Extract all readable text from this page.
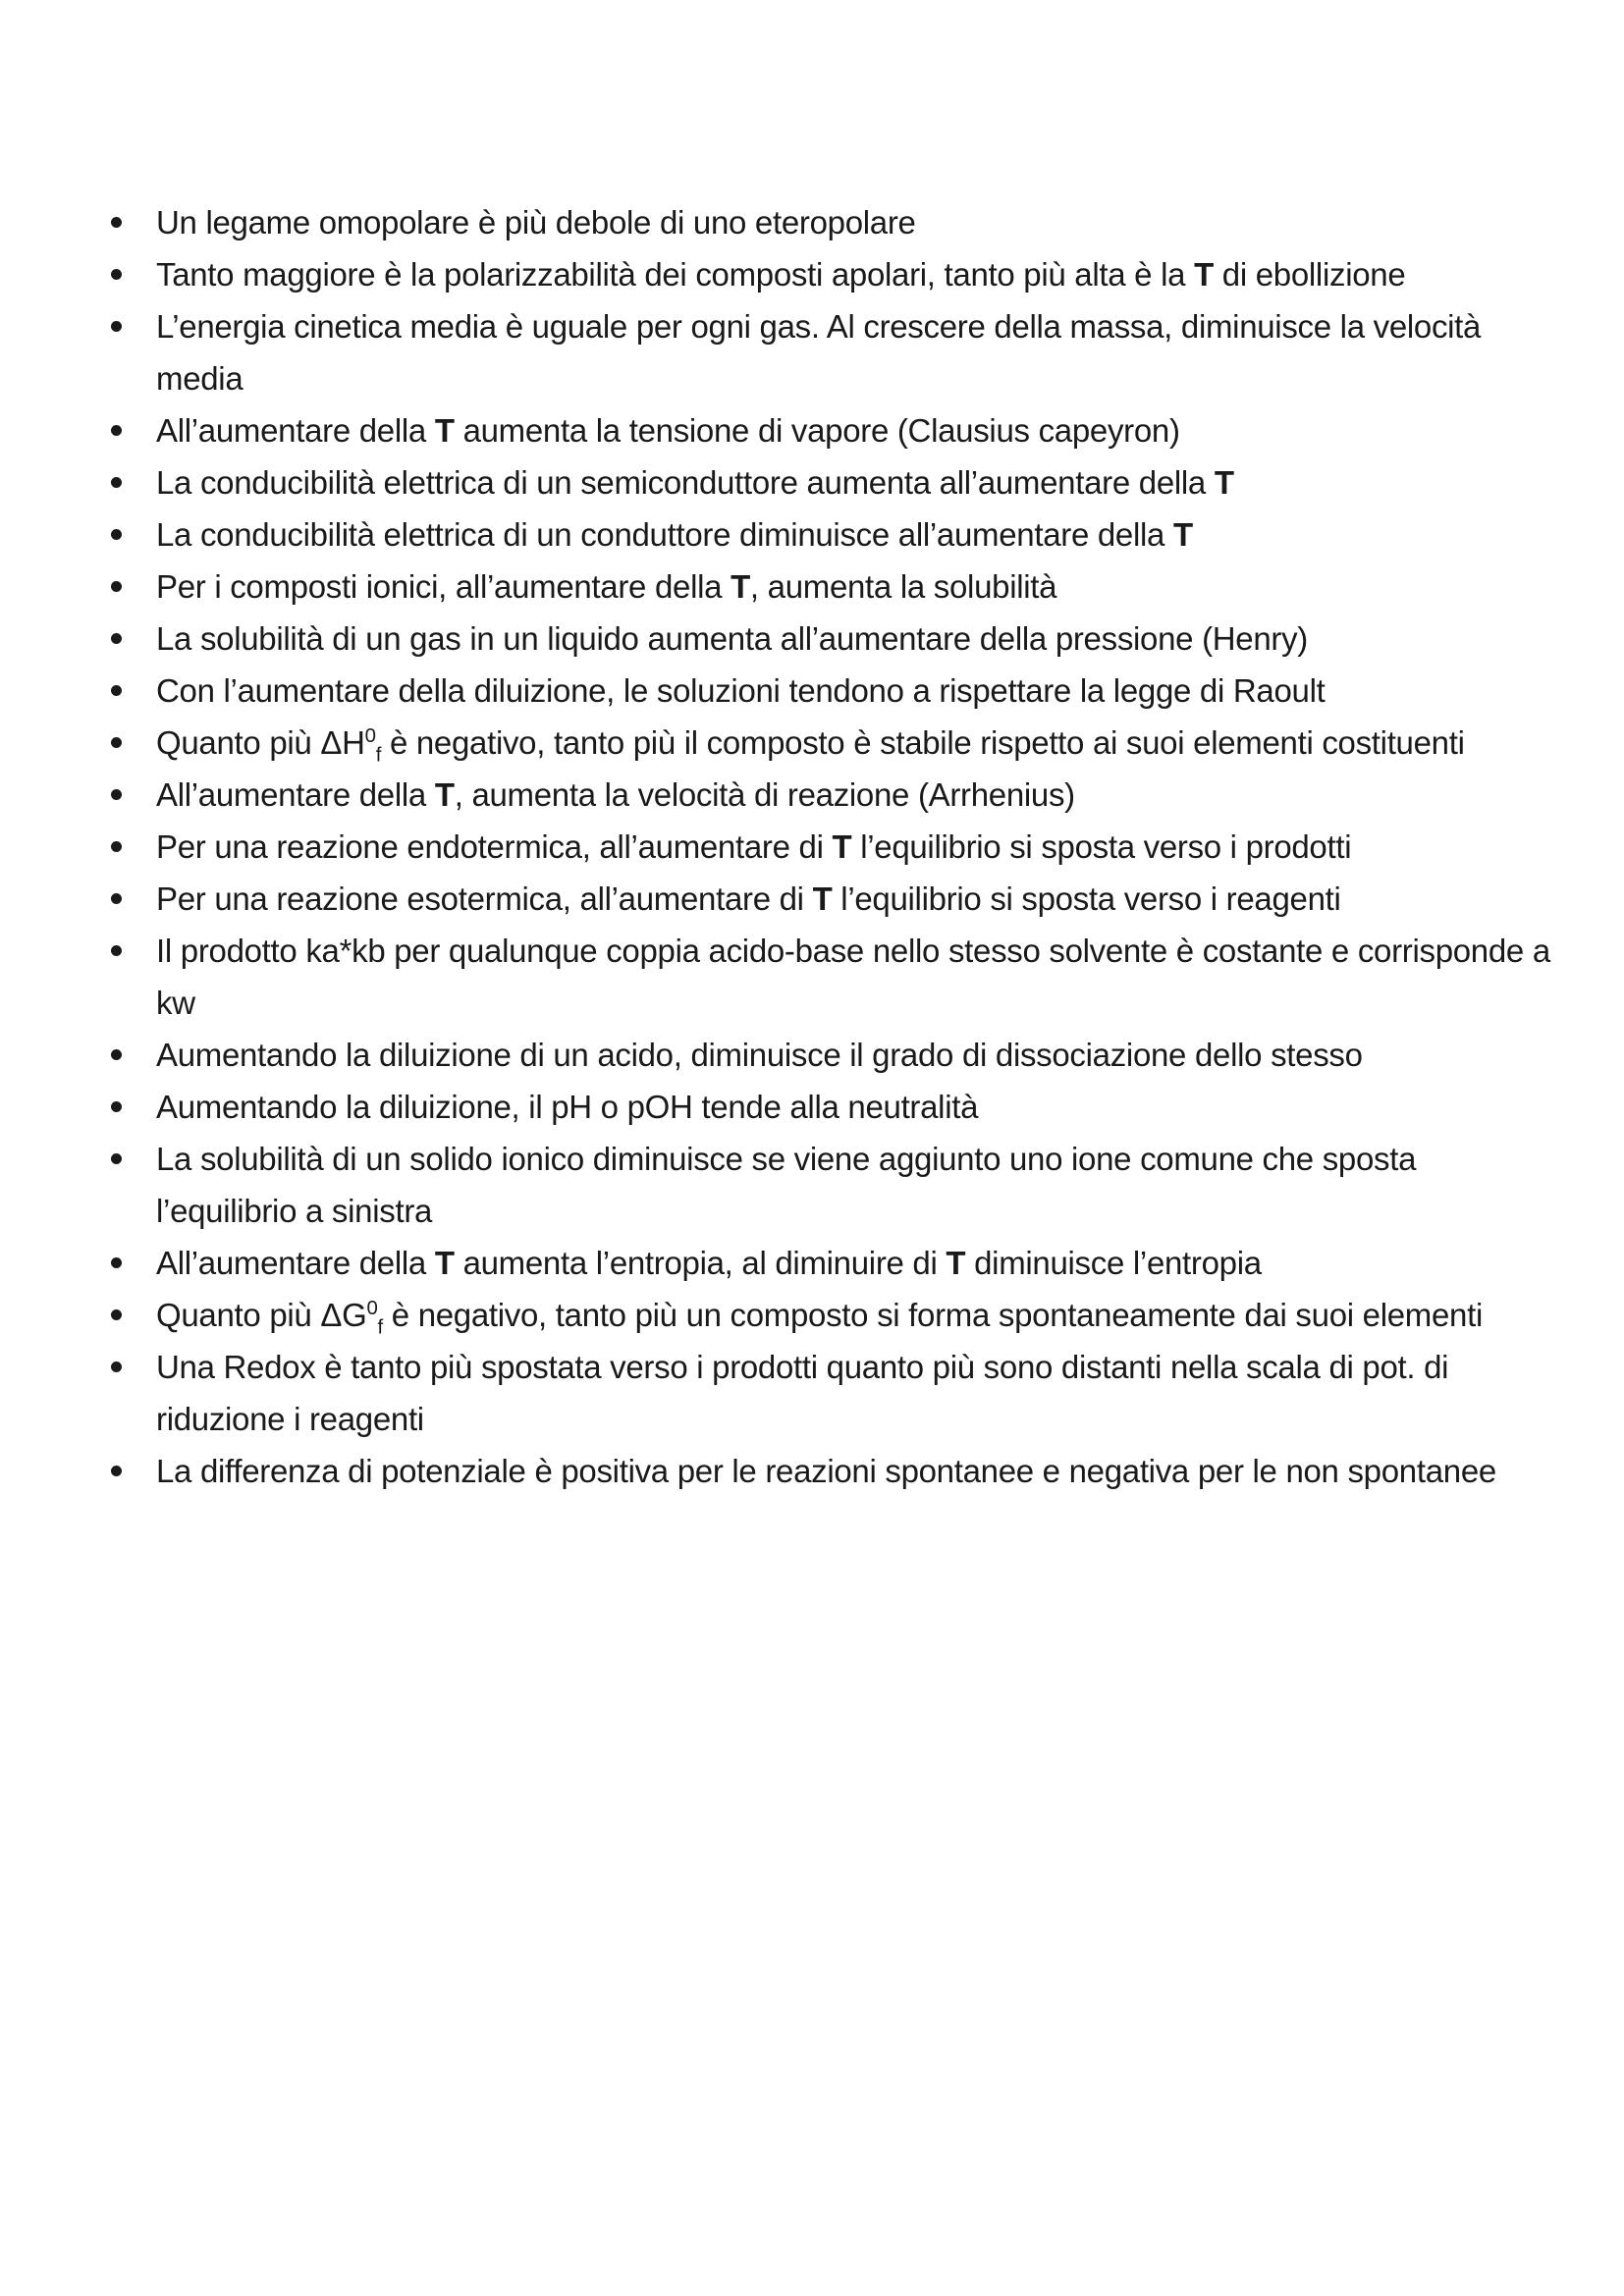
Un legame omopolare è più debole di uno eteropolare
Tanto maggiore è la polarizzabilità dei composti apolari, tanto più alta è la T di ebollizione
L’energia cinetica media è uguale per ogni gas. Al crescere della massa, diminuisce la velocità media
All’aumentare della T aumenta la tensione di vapore (Clausius capeyron)
La conducibilità elettrica di un semiconduttore aumenta all’aumentare della T
La conducibilità elettrica di un conduttore diminuisce all’aumentare della T
Per i composti ionici, all’aumentare della T, aumenta la solubilità
La solubilità di un gas in un liquido aumenta all’aumentare della pressione (Henry)
Con l’aumentare della diluizione, le soluzioni tendono a rispettare la legge di Raoult
Quanto più $\Delta H^0_f$ è negativo, tanto più il composto è stabile rispetto ai suoi elementi costituenti
All’aumentare della T, aumenta la velocità di reazione (Arrhenius)
Per una reazione endotermica, all’aumentare di T l’equilibrio si sposta verso i prodotti
Per una reazione esotermica, all’aumentare di T l’equilibrio si sposta verso i reagenti
Il prodotto ka*kb per qualunque coppia acido-base nello stesso solvente è costante e corrisponde a kw
Aumentando la diluizione di un acido, diminuisce il grado di dissociazione dello stesso
Aumentando la diluizione, il pH o pOH tende alla neutralità
La solubilità di un solido ionico diminuisce se viene aggiunto uno ione comune che sposta l’equilibrio a sinistra
All’aumentare della T aumenta l’entropia, al diminuire di T diminuisce l’entropia
Quanto più $\Delta G^0_f$ è negativo, tanto più un composto si forma spontaneamente dai suoi elementi
Una Redox è tanto più spostata verso i prodotti quanto più sono distanti nella scala di pot. di riduzione i reagenti
La differenza di potenziale è positiva per le reazioni spontanee e negativa per le non spontanee
